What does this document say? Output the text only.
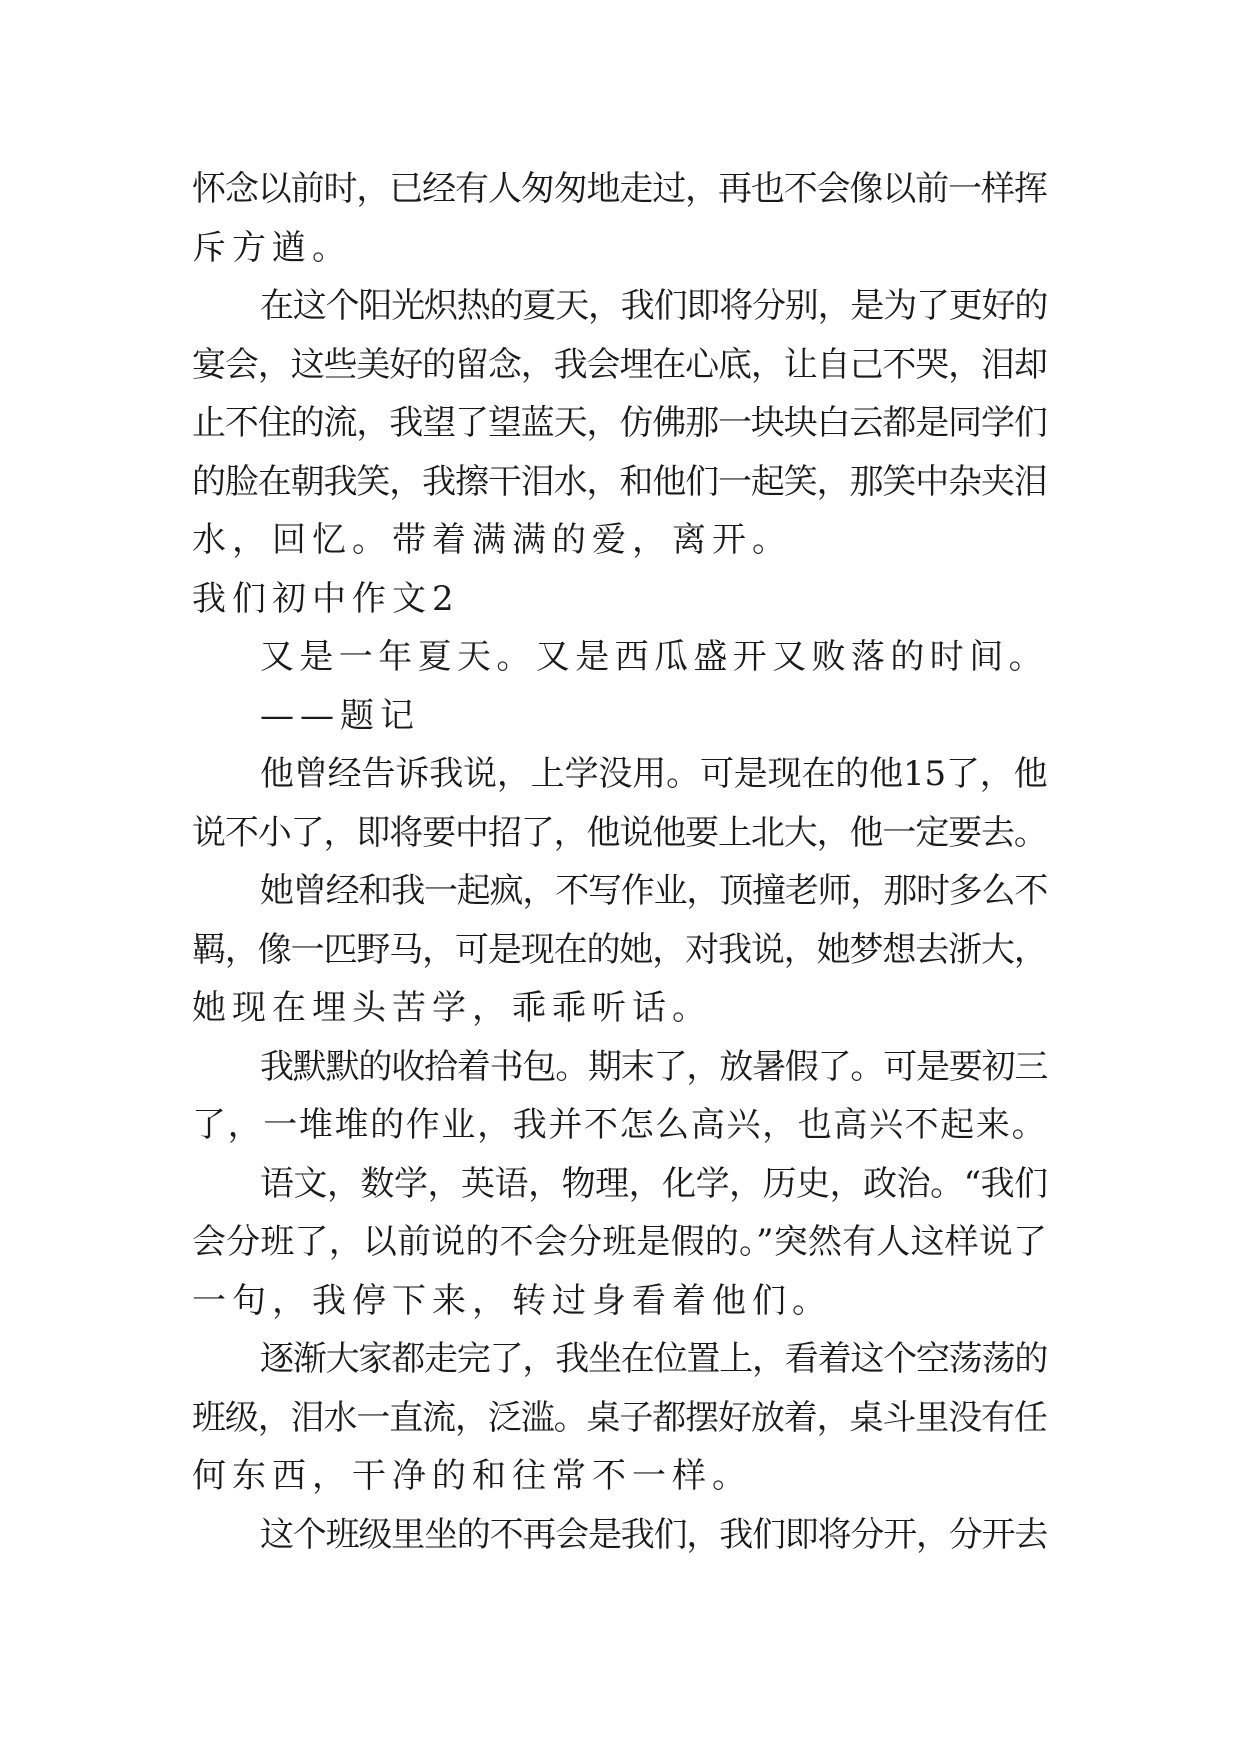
怀念以前时，已经有人匆匆地走过，再也不会像以前一样挥
斥方遒。
在这个阳光炽热的夏天，我们即将分别，是为了更好的
宴会，这些美好的留念，我会埋在心底，让自己不哭，泪却
止不住的流，我望了望蓝天，仿佛那一块块白云都是同学们
的脸在朝我笑，我擦干泪水，和他们一起笑，那笑中杂夹泪
水，回忆。带着满满的爱，离开。
我们初中作文2
又是一年夏天。又是西瓜盛开又败落的时间。
——题记
他曾经告诉我说，上学没用。可是现在的他15了，他
说不小了，即将要中招了，他说他要上北大，他一定要去。
她曾经和我一起疯，不写作业，顶撞老师，那时多么不
羁，像一匹野马，可是现在的她，对我说，她梦想去浙大，
她现在埋头苦学，乖乖听话。
我默默的收拾着书包。期末了，放暑假了。可是要初三
了，一堆堆的作业，我并不怎么高兴，也高兴不起来。
语文，数学，英语，物理，化学，历史，政治。“我们
会分班了，以前说的不会分班是假的。”突然有人这样说了
一句，我停下来，转过身看着他们。
逐渐大家都走完了，我坐在位置上，看着这个空荡荡的
班级，泪水一直流，泛滥。桌子都摆好放着，桌斗里没有任
何东西，干净的和往常不一样。
这个班级里坐的不再会是我们，我们即将分开，分开去
